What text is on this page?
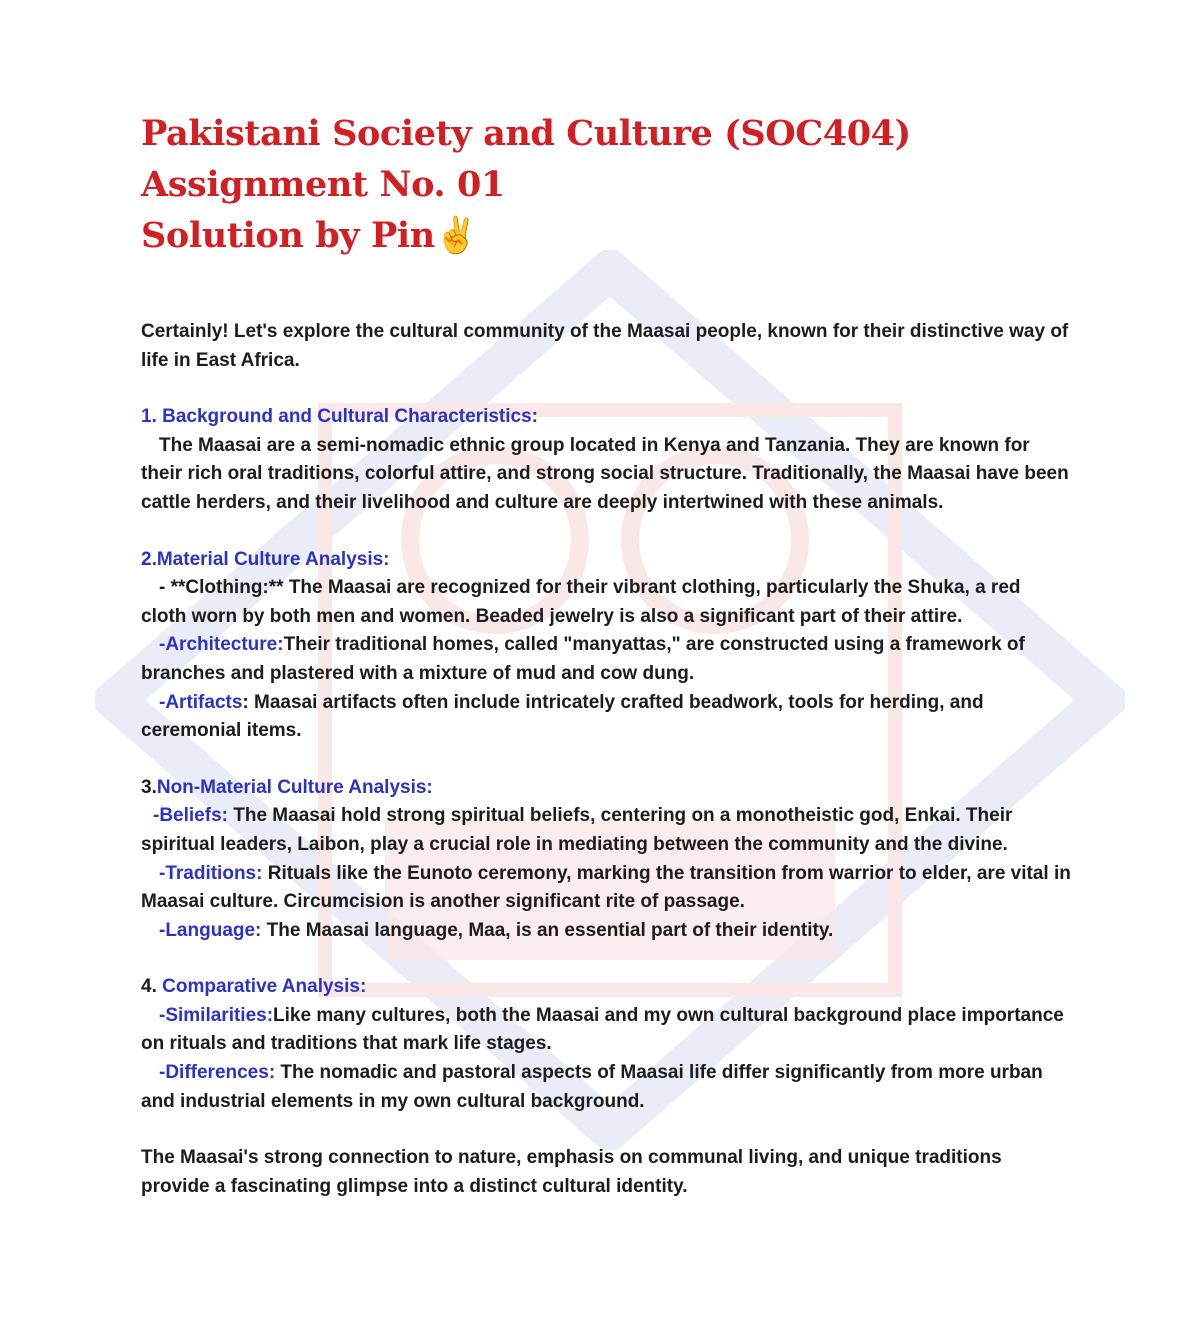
Pakistani Society and Culture (SOC404)
Assignment No. 01
Solution by Pin✌

Certainly! Let's explore the cultural community of the Maasai people, known for their distinctive way of life in East Africa.

1. Background and Cultural Characteristics:
The Maasai are a semi-nomadic ethnic group located in Kenya and Tanzania. They are known for their rich oral traditions, colorful attire, and strong social structure. Traditionally, the Maasai have been cattle herders, and their livelihood and culture are deeply intertwined with these animals.

2.Material Culture Analysis:
- **Clothing:** The Maasai are recognized for their vibrant clothing, particularly the Shuka, a red cloth worn by both men and women. Beaded jewelry is also a significant part of their attire.
-Architecture:Their traditional homes, called "manyattas," are constructed using a framework of branches and plastered with a mixture of mud and cow dung.
-Artifacts: Maasai artifacts often include intricately crafted beadwork, tools for herding, and ceremonial items.

3.Non-Material Culture Analysis:
-Beliefs: The Maasai hold strong spiritual beliefs, centering on a monotheistic god, Enkai. Their spiritual leaders, Laibon, play a crucial role in mediating between the community and the divine.
-Traditions: Rituals like the Eunoto ceremony, marking the transition from warrior to elder, are vital in Maasai culture. Circumcision is another significant rite of passage.
-Language: The Maasai language, Maa, is an essential part of their identity.

4. Comparative Analysis:
-Similarities:Like many cultures, both the Maasai and my own cultural background place importance on rituals and traditions that mark life stages.
-Differences: The nomadic and pastoral aspects of Maasai life differ significantly from more urban and industrial elements in my own cultural background.

The Maasai's strong connection to nature, emphasis on communal living, and unique traditions provide a fascinating glimpse into a distinct cultural identity.
